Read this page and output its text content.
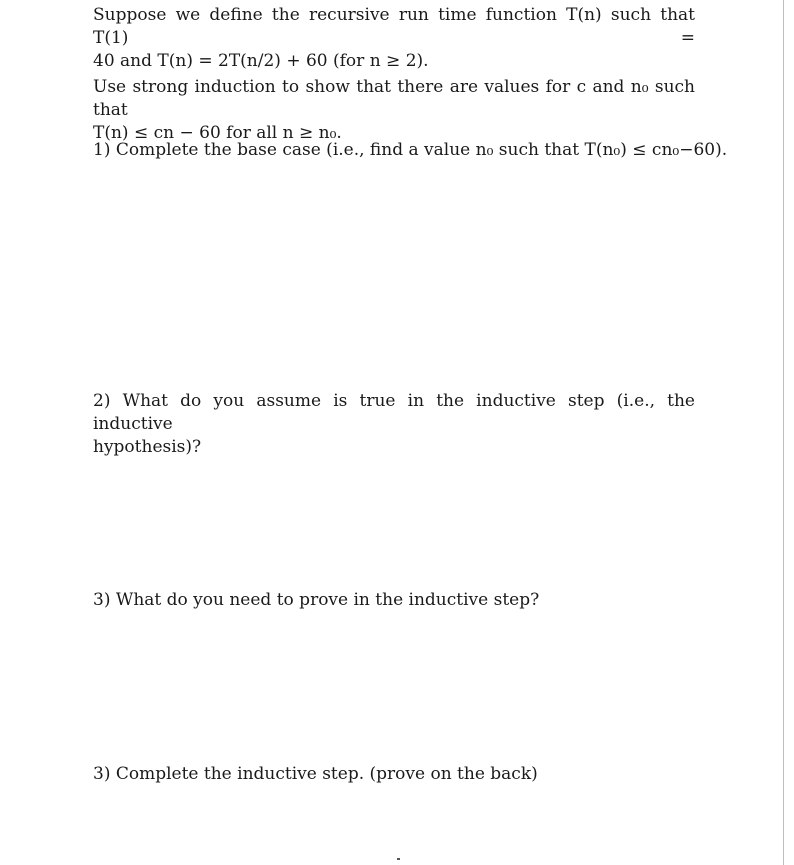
Suppose we define the recursive run time function T(n) such that T(1) =
40 and T(n) = 2T(n/2) + 60 (for n ≥ 2).
Use strong induction to show that there are values for c and n₀ such that
T(n) ≤ cn − 60 for all n ≥ n₀.
1) Complete the base case (i.e., find a value n₀ such that T(n₀) ≤ cn₀−60).
2) What do you assume is true in the inductive step (i.e., the inductive
hypothesis)?
3) What do you need to prove in the inductive step?
3) Complete the inductive step. (prove on the back)
